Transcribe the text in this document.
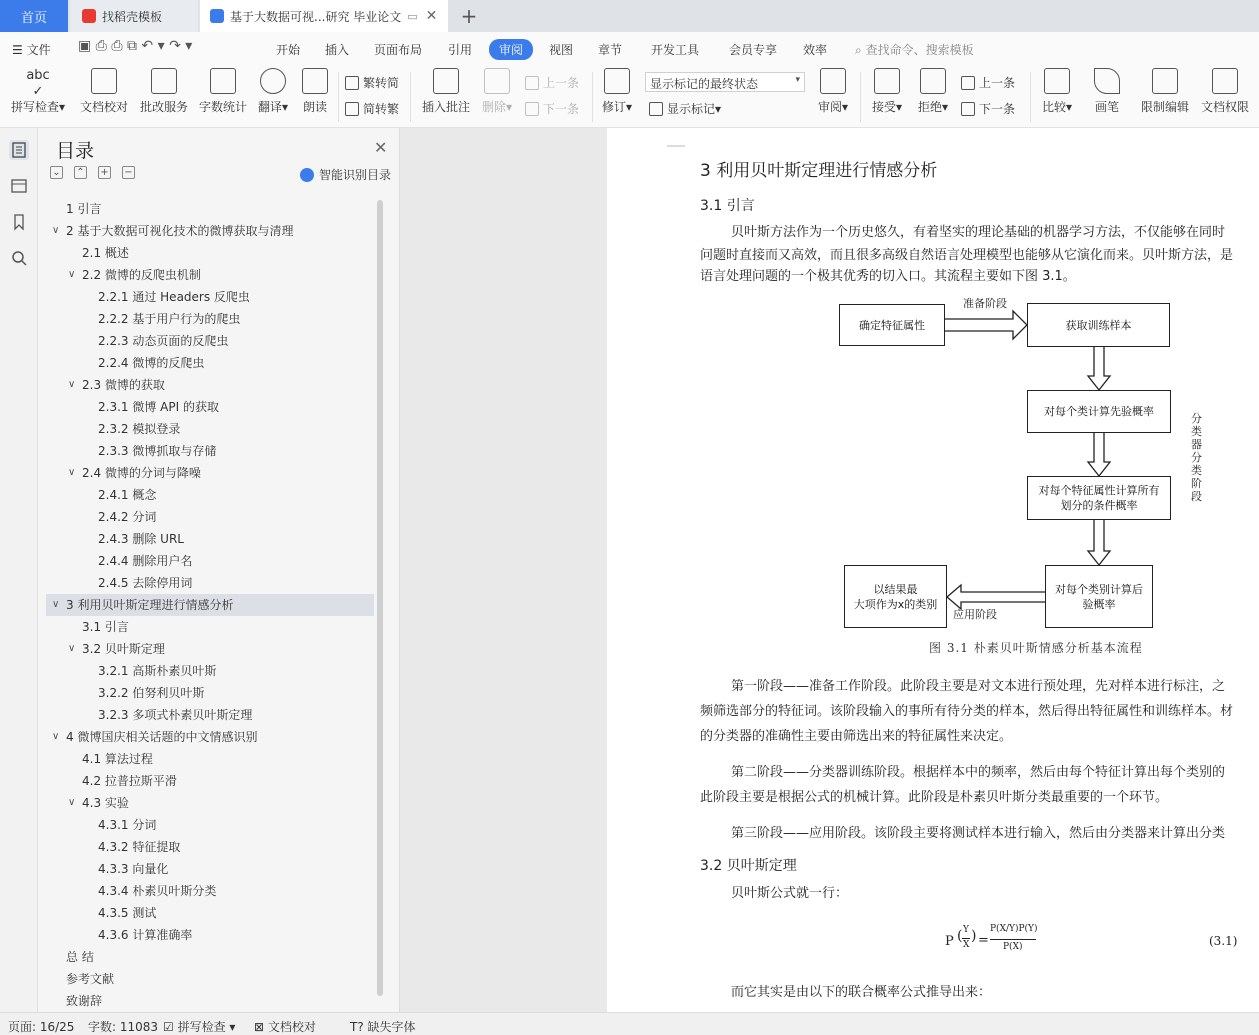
首页	找稻壳模板	基于大数据可视...研究 毕业论文 ▭ ✕ +
☰ 文件 ▣ ⎙ ⎙ ⧉ ↶ ▾ ↷ ▾	开始 插入 页面布局 引用	审阅	视图 章节 开发工具 会员专享 效率 ⌕ 查找命令、搜索模板
abc
✓
拼写检查▾ 文档校对 批改服务 字数统计 翻译▾	朗读
繁转简
简转繁	插入批注 删除▾
上一条
下一条	修订▾
显示标记的最终状态	▾
显示标记 ▾	审阅▾	接受▾	拒绝▾
上一条
下一条	比较▾	画笔	限制编辑 文档权限
目录	✕
⌄ ⌃ + −	智能识别目录
1 引言
∨ 2 基于大数据可视化技术的微博获取与清理
2.1 概述
∨ 2.2 微博的反爬虫机制
2.2.1 通过 Headers 反爬虫
2.2.2 基于用户行为的爬虫
2.2.3 动态页面的反爬虫
2.2.4 微博的反爬虫
∨ 2.3 微博的获取
2.3.1 微博 API 的获取
2.3.2 模拟登录
2.3.3 微博抓取与存储
∨ 2.4 微博的分词与降噪
2.4.1 概念
2.4.2 分词
2.4.3 删除 URL
2.4.4 删除用户名
2.4.5 去除停用词
∨ 3 利用贝叶斯定理进行情感分析
3.1 引言
∨ 3.2 贝叶斯定理
3.2.1 高斯朴素贝叶斯
3.2.2 伯努利贝叶斯
3.2.3 多项式朴素贝叶斯定理
∨ 4 微博国庆相关话题的中文情感识别
4.1 算法过程
4.2 拉普拉斯平滑
∨ 4.3 实验
4.3.1 分词
4.3.2 特征提取
4.3.3 向量化
4.3.4 朴素贝叶斯分类
4.3.5 测试
4.3.6 计算准确率
总 结
参考文献
致谢辞
3 利用贝叶斯定理进行情感分析
3.1 引言
贝叶斯方法作为一个历史悠久，有着坚实的理论基础的机器学习方法，不仅能够在同时
问题时直接而又高效，而且很多高级自然语言处理模型也能够从它演化而来。贝叶斯方法，是
语言处理问题的一个极其优秀的切入口。其流程主要如下图 3.1。
确定特征属性	获取训练样本
对每个类计算先验概率
对每个特征属性计算所有
划分的条件概率
对每个类别计算后
验概率
以结果最
大项作为x的类别
准备阶段
应用阶段
分类器分类阶段
图 3.1 朴素贝叶斯情感分析基本流程
第一阶段——准备工作阶段。此阶段主要是对文本进行预处理，先对样本进行标注，之
频筛选部分的特征词。该阶段输入的事所有待分类的样本，然后得出特征属性和训练样本。材
的分类器的准确性主要由筛选出来的特征属性来决定。
第二阶段——分类器训练阶段。根据样本中的频率，然后由每个特征计算出每个类别的
此阶段主要是根据公式的机械计算。此阶段是朴素贝叶斯分类最重要的一个环节。
第三阶段——应用阶段。该阶段主要将测试样本进行输入，然后由分类器来计算出分类
3.2 贝叶斯定理
贝叶斯公式就一行：
P ( Y
X
) =
P(X/Y)P(Y)
P(X)	(3.1)
而它其实是由以下的联合概率公式推导出来：
页面: 16/25 字数: 11083 ☑ 拼写检查 ▾ ⊠ 文档校对	T? 缺失字体
